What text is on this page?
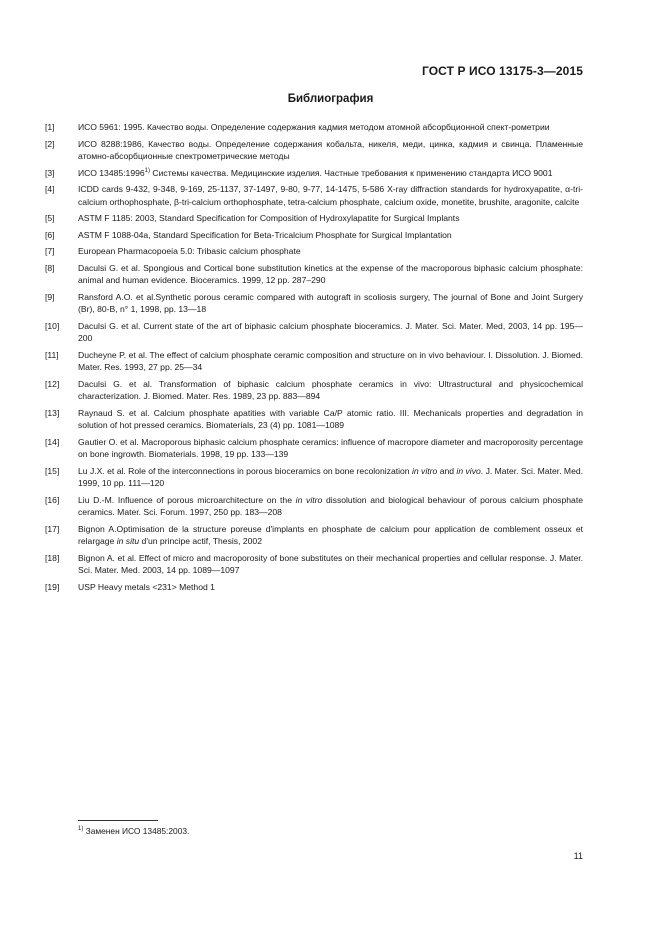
ГОСТ Р ИСО 13175-3—2015
Библиография
[1]	ИСО 5961: 1995. Качество воды. Определение содержания кадмия методом атомной абсорбционной спект-рометрии
[2]	ИСО 8288:1986, Качество воды. Определение содержания кобальта, никеля, меди, цинка, кадмия и свинца. Пламенные атомно-абсорбционные спектрометрические методы
[3]	ИСО 13485:1996$^{1)}$ Системы качества. Медицинские изделия. Частные требования к применению стандарта ИСО 9001
[4]	ICDD cards 9-432, 9-348, 9-169, 25-1137, 37-1497, 9-80, 9-77, 14-1475, 5-586 X-ray diffraction standards for hydroxyapatite, α-tri-calcium orthophosphate, β-tri-calcium orthophosphate, tetra-calcium phosphate, calcium oxide, monetite, brushite, aragonite, calcite
[5]	ASTM F 1185: 2003, Standard Specification for Composition of Hydroxylapatite for Surgical Implants
[6]	ASTM F 1088-04a, Standard Specification for Beta-Tricalcium Phosphate for Surgical Implantation
[7]	European Pharmacopoeia 5.0: Tribasic calcium phosphate
[8]	Daculsi G. et al. Spongious and Cortical bone substitution kinetics at the expense of the macroporous biphasic calcium phosphate: animal and human evidence. Bioceramics. 1999, 12 pp. 287–290
[9]	Ransford A.O. et al.Synthetic porous ceramic compared with autograft in scoliosis surgery, The journal of Bone and Joint Surgery (Br), 80-B, n° 1, 1998, pp. 13—18
[10]	Daculsi G. et al. Current state of the art of biphasic calcium phosphate bioceramics. J. Mater. Sci. Mater. Med, 2003, 14 pp. 195—200
[11]	Ducheyne P. et al. The effect of calcium phosphate ceramic composition and structure on in vivo behaviour. I. Dissolution. J. Biomed. Mater. Res. 1993, 27 pp. 25—34
[12]	Daculsi G. et al. Transformation of biphasic calcium phosphate ceramics in vivo: Ultrastructural and physicochemical characterization. J. Biomed. Mater. Res. 1989, 23 pp. 883—894
[13]	Raynaud S. et al. Calcium phosphate apatities with variable Ca/P atomic ratio. III. Mechanicals properties and degradation in solution of hot pressed ceramics. Biomaterials, 23 (4) pp. 1081—1089
[14]	Gautier O. et al. Macroporous biphasic calcium phosphate ceramics: influence of macropore diameter and macroporosity percentage on bone ingrowth. Biomaterials. 1998, 19 pp. 133—139
[15]	Lu J.X. et al. Role of the interconnections in porous bioceramics on bone recolonization in vitro and in vivo. J. Mater. Sci. Mater. Med. 1999, 10 pp. 111—120
[16]	Liu D.-M. Influence of porous microarchitecture on the in vitro dissolution and biological behaviour of porous calcium phosphate ceramics. Mater. Sci. Forum. 1997, 250 pp. 183—208
[17]	Bignon A.Optimisation de la structure poreuse d'implants en phosphate de calcium pour application de comblement osseux et relargage in situ d'un principe actif, Thesis, 2002
[18]	Bignon A. et al. Effect of micro and macroporosity of bone substitutes on their mechanical properties and cellular response. J. Mater. Sci. Mater. Med. 2003, 14 pp. 1089—1097
[19]	USP Heavy metals <231> Method 1
$^{1)}$ Заменен ИСО 13485:2003.
11
